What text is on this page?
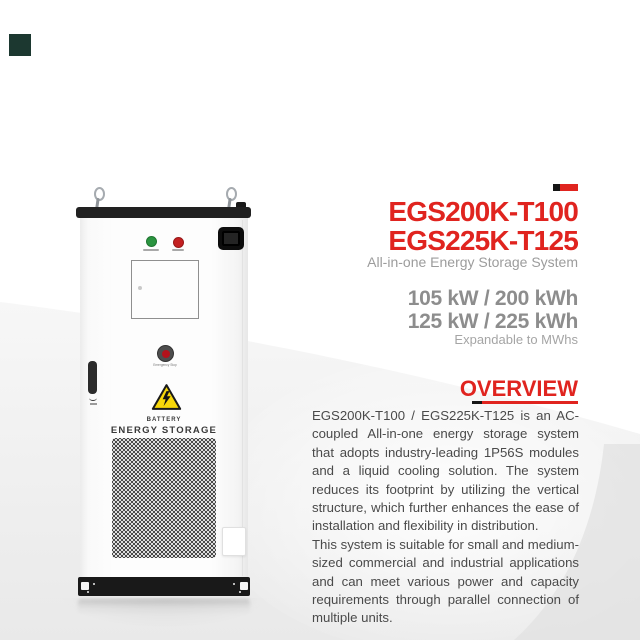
Emergency Stop
BATTERY
ENERGY STORAGE
EGS200K-T100
EGS225K-T125
All-in-one Energy Storage System
105 kW / 200 kWh
125 kW / 225 kWh
Expandable to MWhs
OVERVIEW

EGS200K-T100 / EGS225K-T125 is an AC-coupled All-in-one energy storage system that adopts industry-leading 1P56S modules and a liquid cooling solution. The system reduces its footprint by utilizing the vertical structure, which further enhances the ease of installation and flexibility in distribution.

This system is suitable for small and medium-sized commercial and industrial applications and can meet various power and capacity requirements through parallel connection of multiple units.
